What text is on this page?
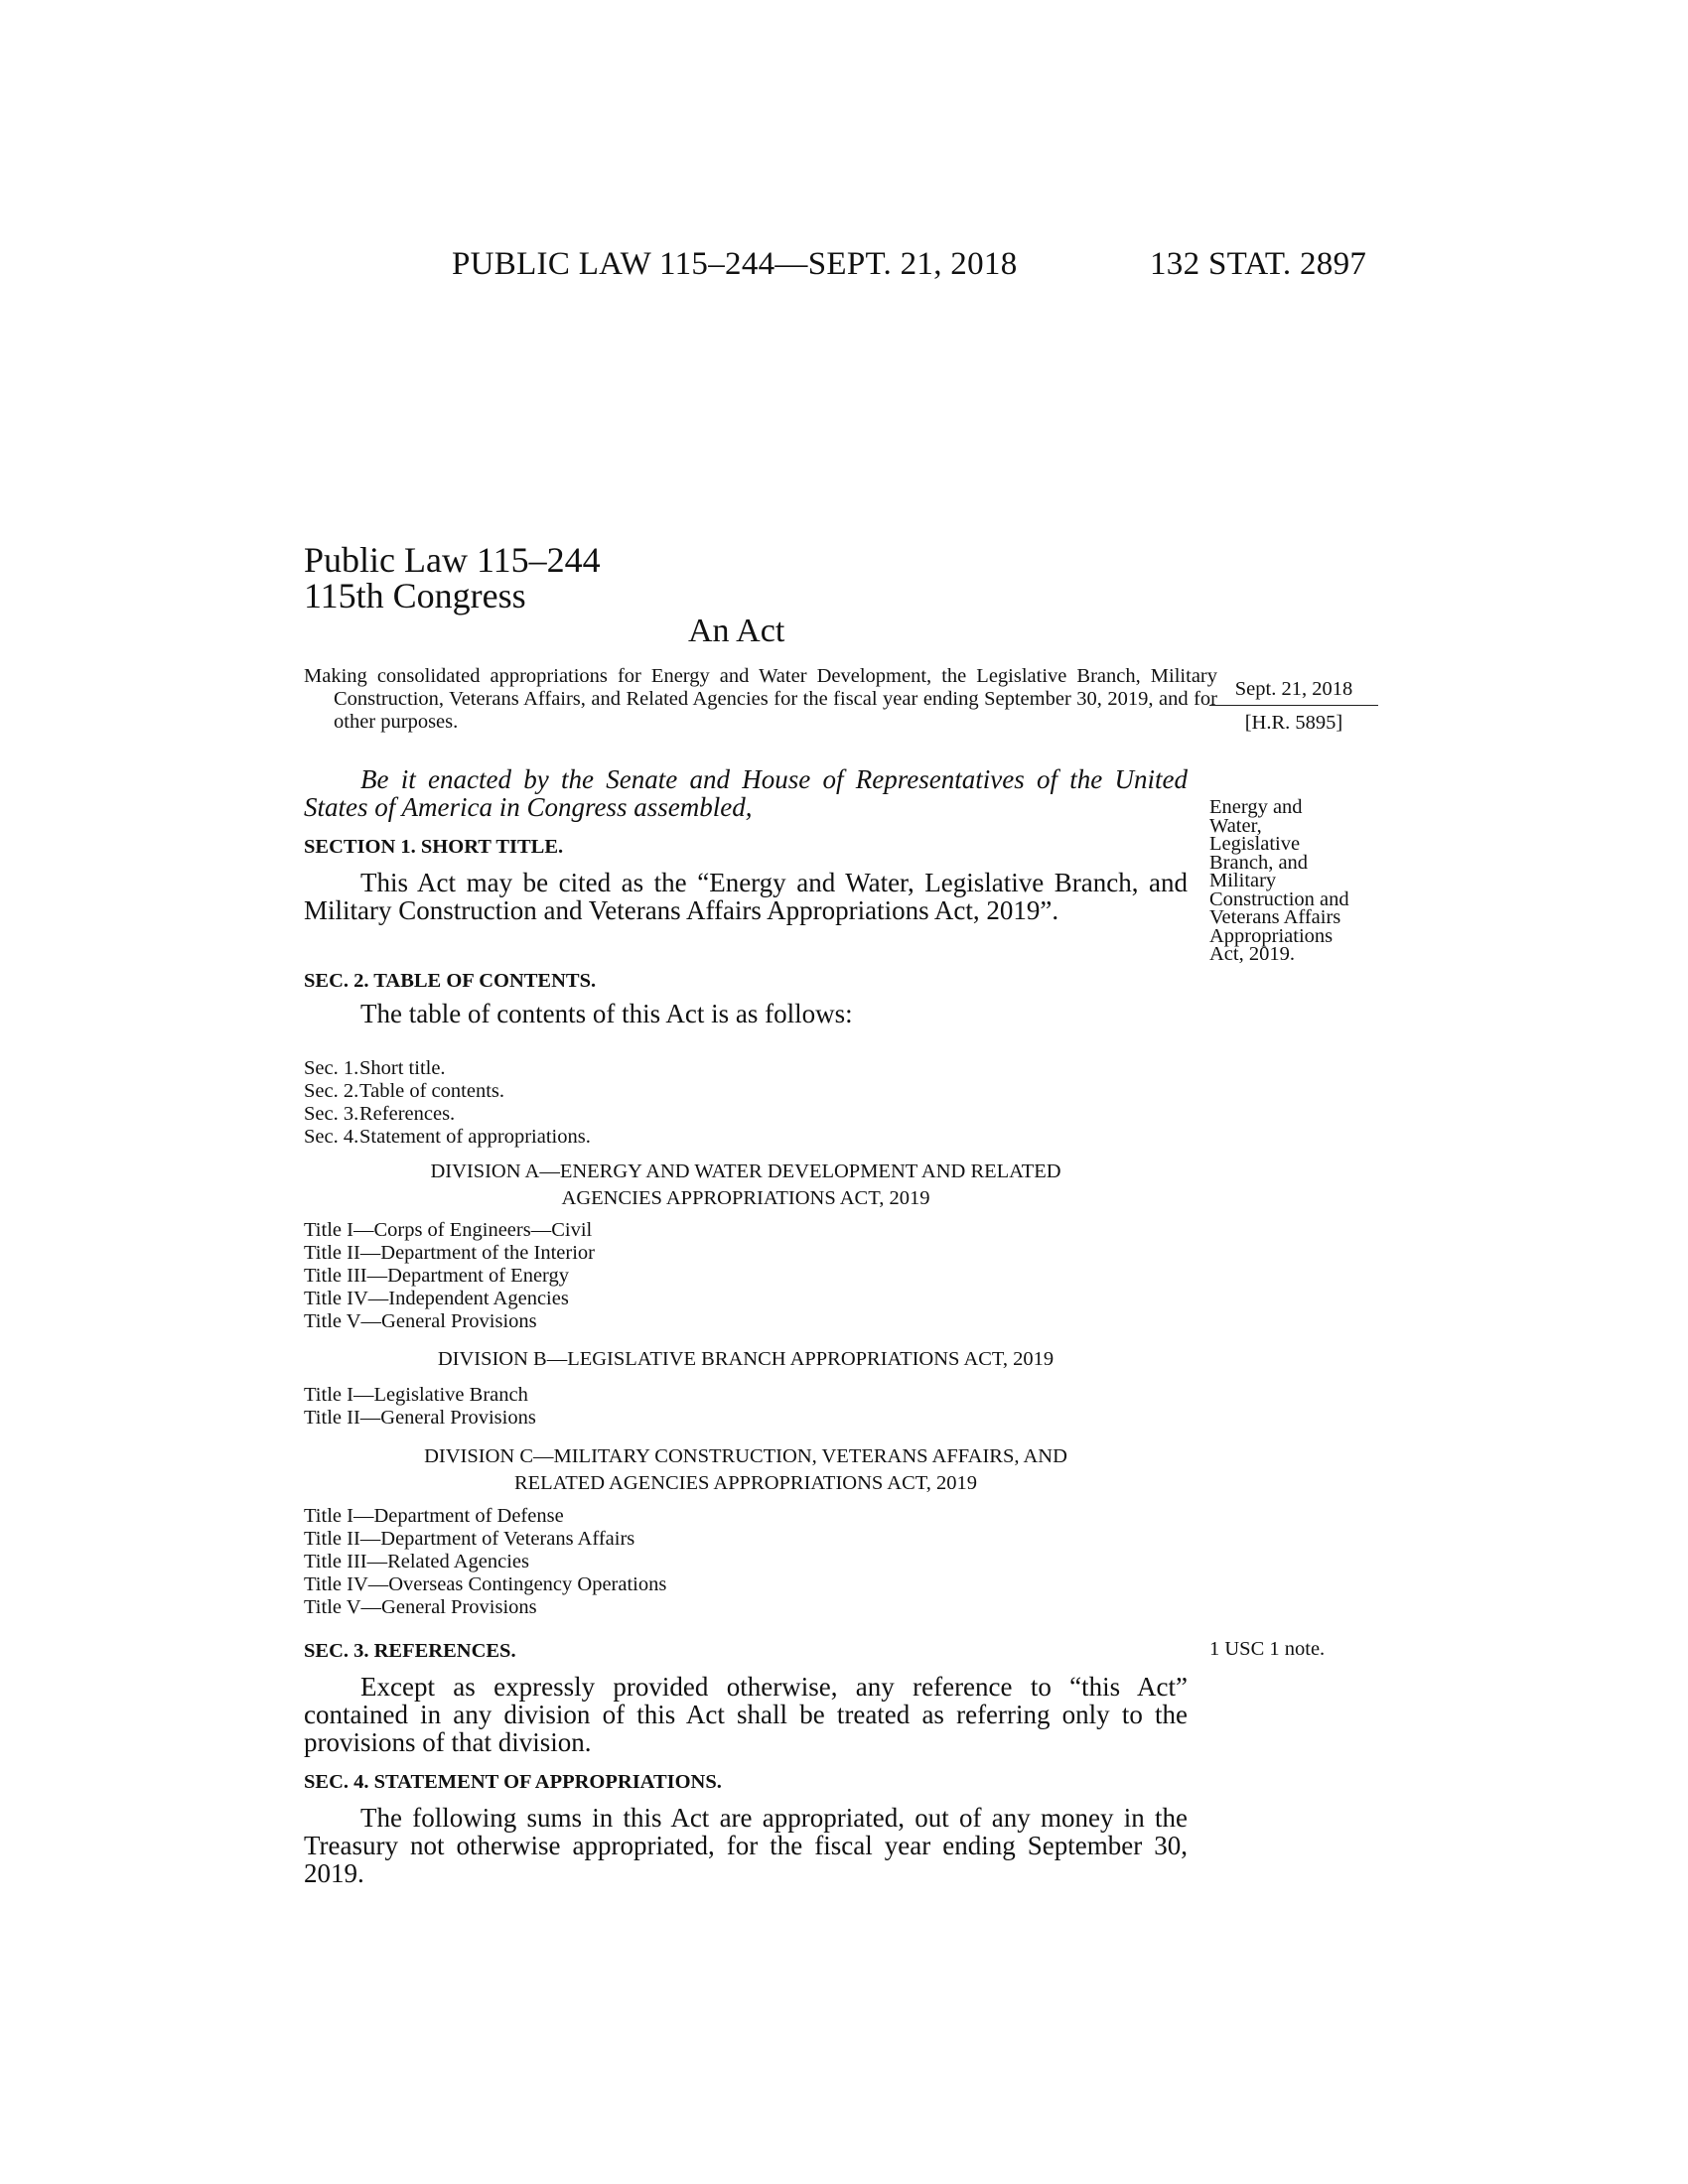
PUBLIC LAW 115–244—SEPT. 21, 2018	132 STAT. 2897
Public Law 115–244
115th Congress
An Act
Making consolidated appropriations for Energy and Water Development, the Legislative Branch, Military Construction, Veterans Affairs, and Related Agencies for the fiscal year ending September 30, 2019, and for other purposes.
Sept. 21, 2018
[H.R. 5895]
Be it enacted by the Senate and House of Representatives of the United States of America in Congress assembled,	Energy and
Water,
Legislative
Branch, and
Military
Construction and
Veterans Affairs
Appropriations
Act, 2019.
SECTION 1. SHORT TITLE.
This Act may be cited as the “Energy and Water, Legislative Branch, and Military Construction and Veterans Affairs Appropriations Act, 2019”.
SEC. 2. TABLE OF CONTENTS.
The table of contents of this Act is as follows:
Sec. 1.Short title.
Sec. 2.Table of contents.
Sec. 3.References.
Sec. 4.Statement of appropriations.
DIVISION A—ENERGY AND WATER DEVELOPMENT AND RELATED
AGENCIES APPROPRIATIONS ACT, 2019
Title I—Corps of Engineers—Civil
Title II—Department of the Interior
Title III—Department of Energy
Title IV—Independent Agencies
Title V—General Provisions
DIVISION B—LEGISLATIVE BRANCH APPROPRIATIONS ACT, 2019
Title I—Legislative Branch
Title II—General Provisions
DIVISION C—MILITARY CONSTRUCTION, VETERANS AFFAIRS, AND
RELATED AGENCIES APPROPRIATIONS ACT, 2019
Title I—Department of Defense
Title II—Department of Veterans Affairs
Title III—Related Agencies
Title IV—Overseas Contingency Operations
Title V—General Provisions
SEC. 3. REFERENCES.	1 USC 1 note.
Except as expressly provided otherwise, any reference to “this Act” contained in any division of this Act shall be treated as referring only to the provisions of that division.
SEC. 4. STATEMENT OF APPROPRIATIONS.
The following sums in this Act are appropriated, out of any money in the Treasury not otherwise appropriated, for the fiscal year ending September 30, 2019.
